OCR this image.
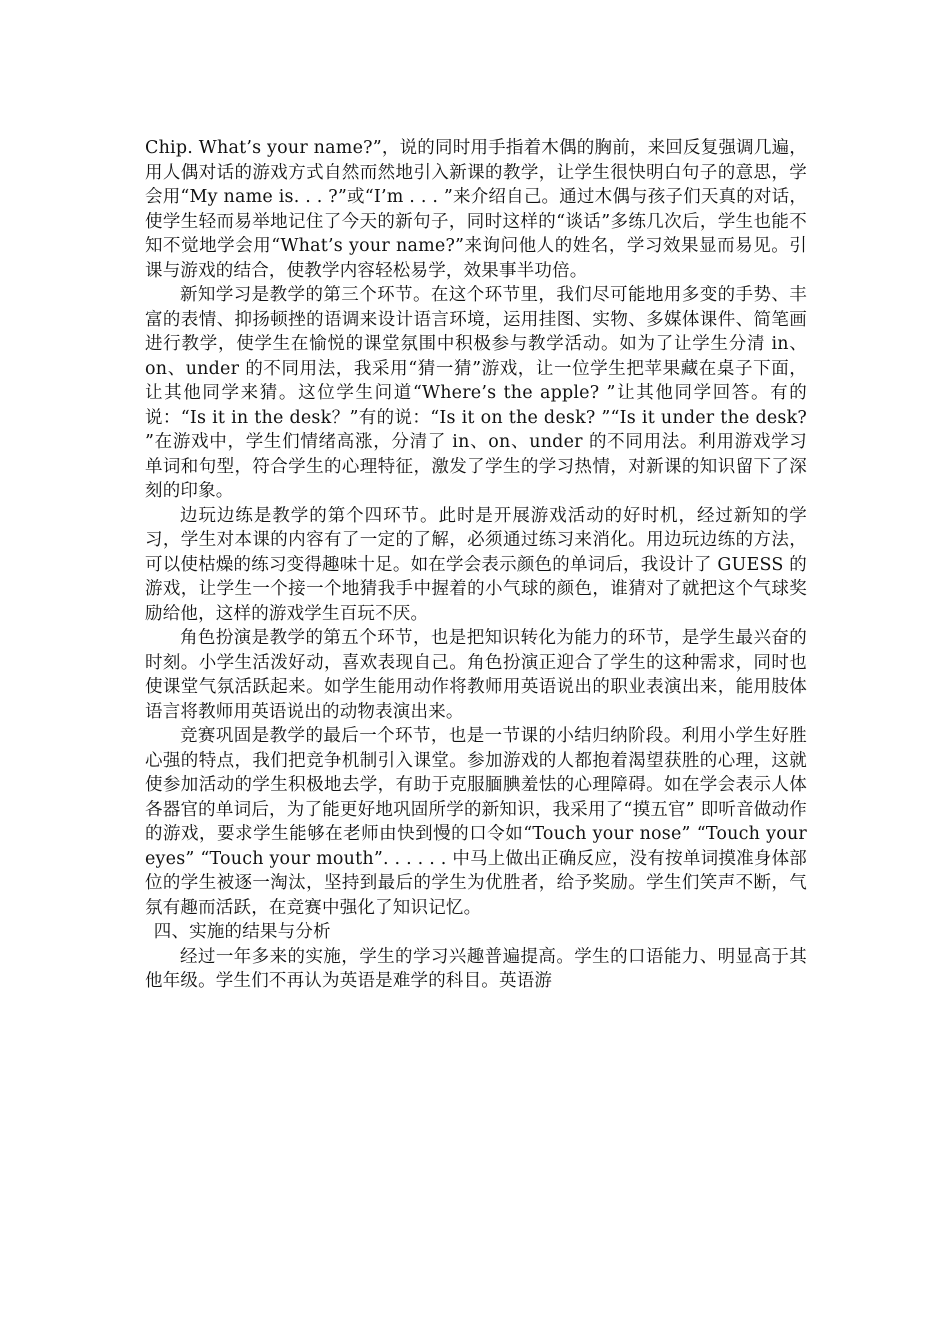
Chip. What’s your name?”，说的同时用手指着木偶的胸前，来回反复强调几遍，用人偶对话的游戏方式自然而然地引入新课的教学，让学生很快明白句子的意思，学会用“My name is. . . ?”或“I’m . . . ”来介绍自己。通过木偶与孩子们天真的对话，使学生轻而易举地记住了今天的新句子，同时这样的“谈话”多练几次后，学生也能不知不觉地学会用“What’s your name?”来询问他人的姓名，学习效果显而易见。引课与游戏的结合，使教学内容轻松易学，效果事半功倍。

新知学习是教学的第三个环节。在这个环节里，我们尽可能地用多变的手势、丰富的表情、抑扬顿挫的语调来设计语言环境，运用挂图、实物、多媒体课件、简笔画进行教学，使学生在愉悦的课堂氛围中积极参与教学活动。如为了让学生分清 in、on、under 的不同用法，我采用“猜一猜”游戏，让一位学生把苹果藏在桌子下面，让其他同学来猜。这位学生问道“Where’s the apple? ”让其他同学回答。有的说：“Is it in the desk？”有的说：“Is it on the desk? ”“Is it under the desk? ”在游戏中，学生们情绪高涨，分清了 in、on、under 的不同用法。利用游戏学习单词和句型，符合学生的心理特征，激发了学生的学习热情，对新课的知识留下了深刻的印象。

边玩边练是教学的第个四环节。此时是开展游戏活动的好时机，经过新知的学习，学生对本课的内容有了一定的了解，必须通过练习来消化。用边玩边练的方法，可以使枯燥的练习变得趣味十足。如在学会表示颜色的单词后，我设计了 GUESS 的游戏，让学生一个接一个地猜我手中握着的小气球的颜色，谁猜对了就把这个气球奖励给他，这样的游戏学生百玩不厌。

角色扮演是教学的第五个环节，也是把知识转化为能力的环节，是学生最兴奋的时刻。小学生活泼好动，喜欢表现自己。角色扮演正迎合了学生的这种需求，同时也使课堂气氛活跃起来。如学生能用动作将教师用英语说出的职业表演出来，能用肢体语言将教师用英语说出的动物表演出来。

竞赛巩固是教学的最后一个环节，也是一节课的小结归纳阶段。利用小学生好胜心强的特点，我们把竞争机制引入课堂。参加游戏的人都抱着渴望获胜的心理，这就使参加活动的学生积极地去学，有助于克服腼腆羞怯的心理障碍。如在学会表示人体各器官的单词后，为了能更好地巩固所学的新知识，我采用了“摸五官” 即听音做动作的游戏，要求学生能够在老师由快到慢的口令如“Touch your nose” “Touch your eyes” “Touch your mouth”. . . . . . 中马上做出正确反应，没有按单词摸准身体部位的学生被逐一淘汰，坚持到最后的学生为优胜者，给予奖励。学生们笑声不断，气氛有趣而活跃，在竞赛中强化了知识记忆。

四、实施的结果与分析

经过一年多来的实施，学生的学习兴趣普遍提高。学生的口语能力、明显高于其他年级。学生们不再认为英语是难学的科目。英语游
